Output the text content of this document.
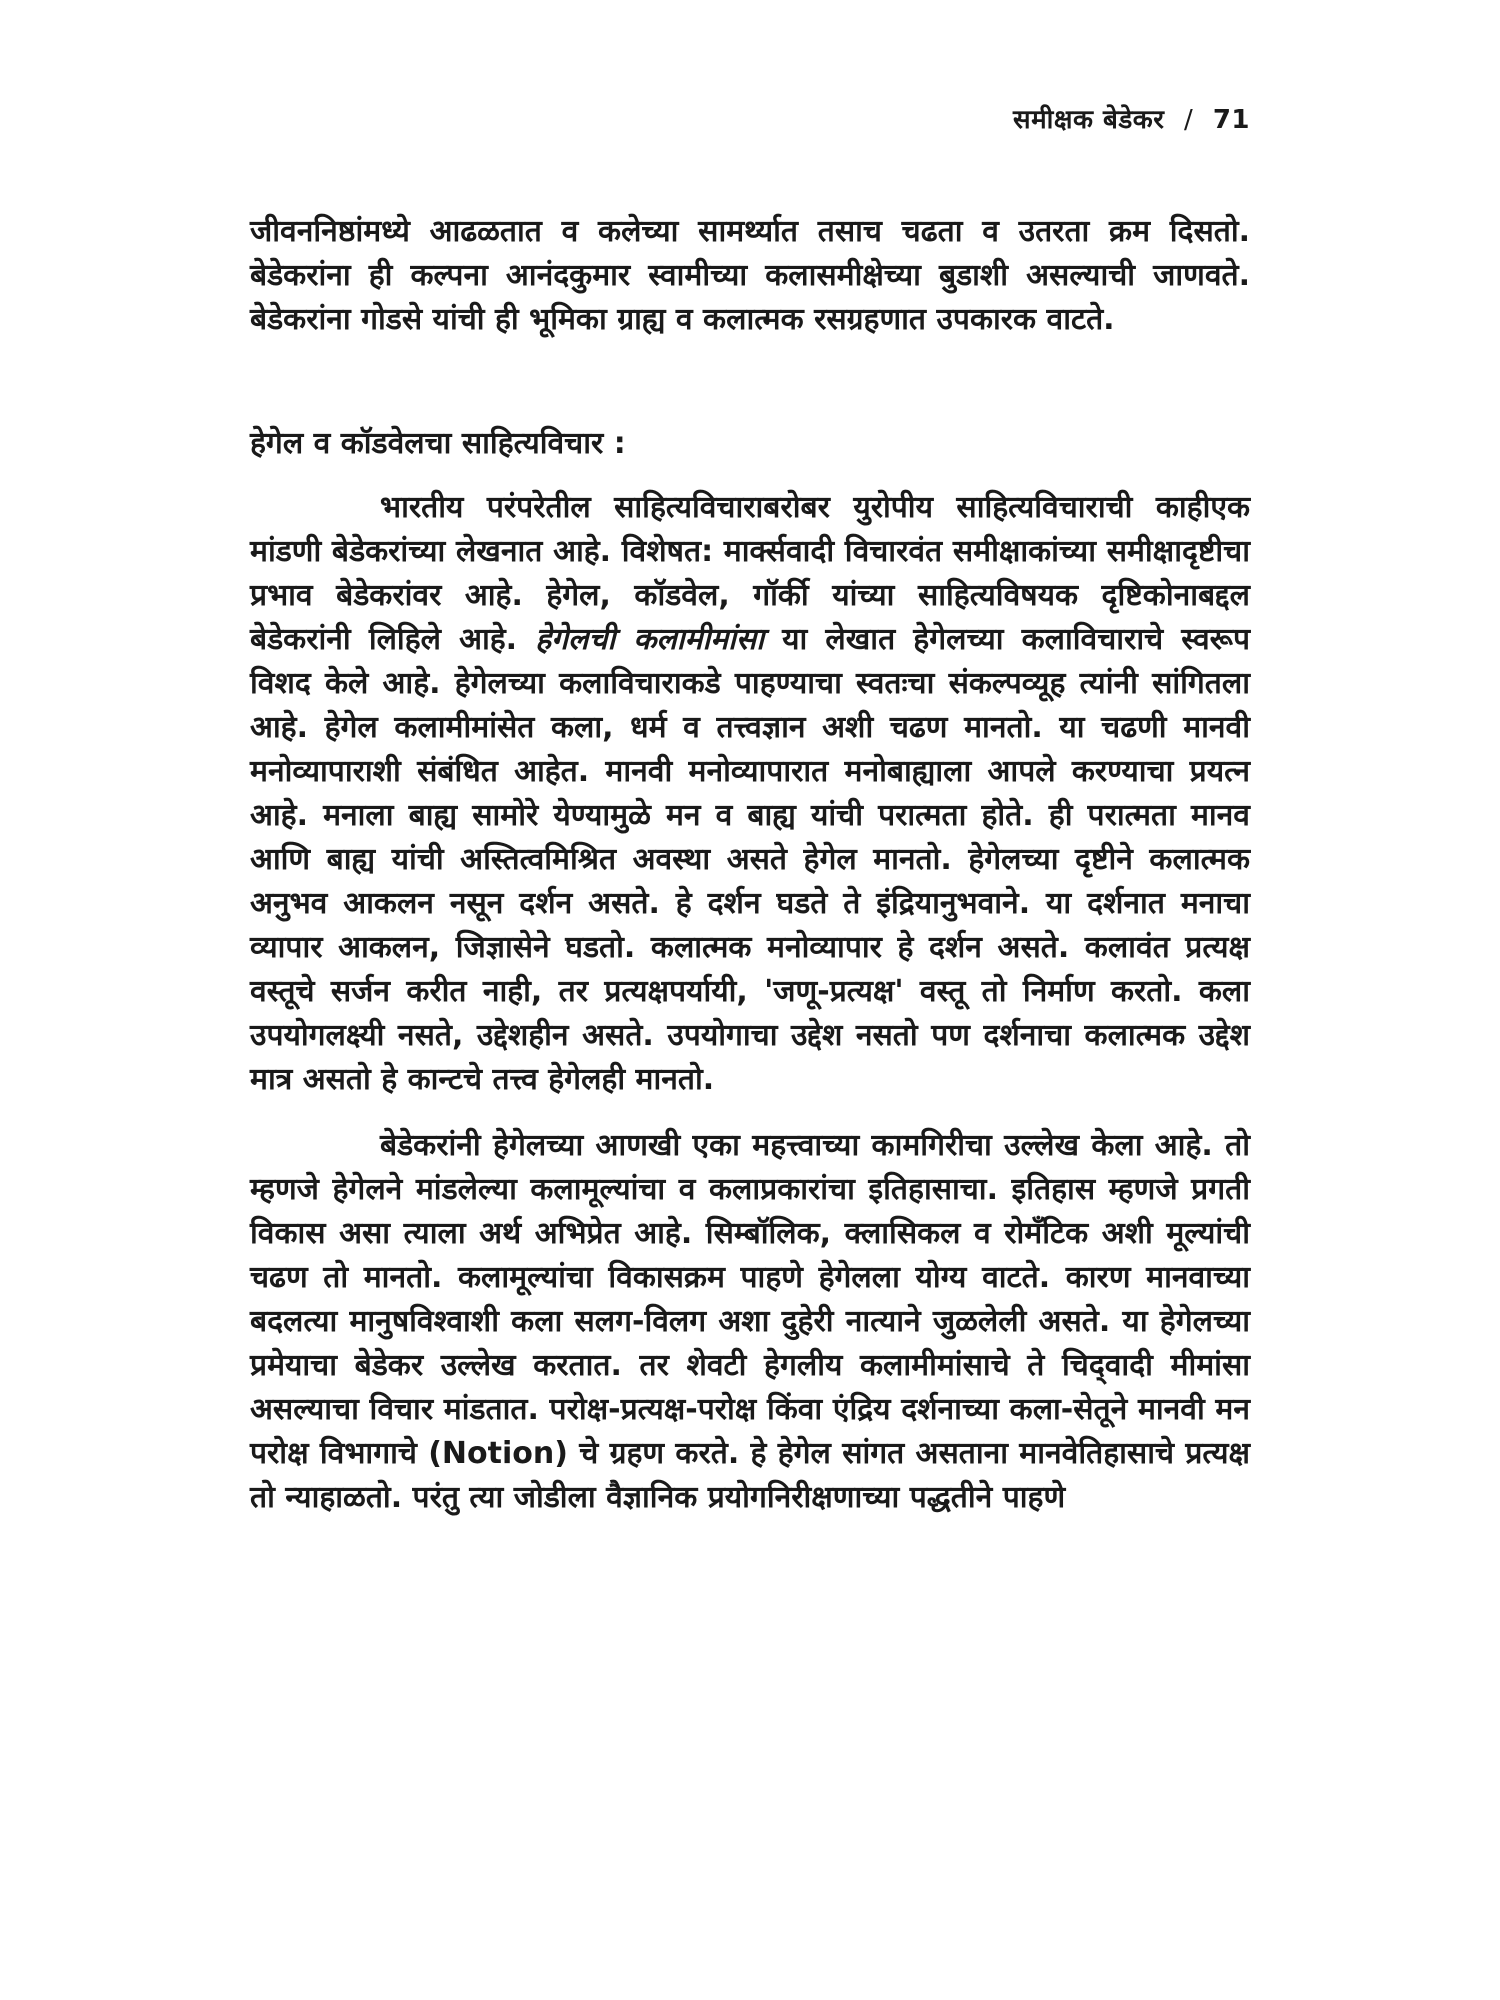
समीक्षक बेडेकर / 71

जीवननिष्ठांमध्ये आढळतात व कलेच्या सामर्थ्यात तसाच चढता व उतरता क्रम दिसतो. बेडेकरांना ही कल्पना आनंदकुमार स्वामीच्या कलासमीक्षेच्या बुडाशी असल्याची जाणवते. बेडेकरांना गोडसे यांची ही भूमिका ग्राह्य व कलात्मक रसग्रहणात उपकारक वाटते.

हेगेल व कॉडवेलचा साहित्यविचार :

भारतीय परंपरेतील साहित्यविचाराबरोबर युरोपीय साहित्यविचाराची काहीएक मांडणी बेडेकरांच्या लेखनात आहे. विशेषत: मार्क्सवादी विचारवंत समीक्षाकांच्या समीक्षादृष्टीचा प्रभाव बेडेकरांवर आहे. हेगेल, कॉडवेल, गॉर्की यांच्या साहित्यविषयक दृष्टिकोनाबद्दल बेडेकरांनी लिहिले आहे. हेगेलची कलामीमांसा या लेखात हेगेलच्या कलाविचाराचे स्वरूप विशद केले आहे. हेगेलच्या कलाविचाराकडे पाहण्याचा स्वतःचा संकल्पव्यूह त्यांनी सांगितला आहे. हेगेल कलामीमांसेत कला, धर्म व तत्त्वज्ञान अशी चढण मानतो. या चढणी मानवी मनोव्यापाराशी संबंधित आहेत. मानवी मनोव्यापारात मनोबाह्याला आपले करण्याचा प्रयत्न आहे. मनाला बाह्य सामोरे येण्यामुळे मन व बाह्य यांची परात्मता होते. ही परात्मता मानव आणि बाह्य यांची अस्तित्वमिश्रित अवस्था असते हेगेल मानतो. हेगेलच्या दृष्टीने कलात्मक अनुभव आकलन नसून दर्शन असते. हे दर्शन घडते ते इंद्रियानुभवाने. या दर्शनात मनाचा व्यापार आकलन, जिज्ञासेने घडतो. कलात्मक मनोव्यापार हे दर्शन असते. कलावंत प्रत्यक्ष वस्तूचे सर्जन करीत नाही, तर प्रत्यक्षपर्यायी, 'जणू-प्रत्यक्ष' वस्तू तो निर्माण करतो. कला उपयोगलक्ष्यी नसते, उद्देशहीन असते. उपयोगाचा उद्देश नसतो पण दर्शनाचा कलात्मक उद्देश मात्र असतो हे कान्टचे तत्त्व हेगेलही मानतो.

बेडेकरांनी हेगेलच्या आणखी एका महत्त्वाच्या कामगिरीचा उल्लेख केला आहे. तो म्हणजे हेगेलने मांडलेल्या कलामूल्यांचा व कलाप्रकारांचा इतिहासाचा. इतिहास म्हणजे प्रगती विकास असा त्याला अर्थ अभिप्रेत आहे. सिम्बॉलिक, क्लासिकल व रोमँटिक अशी मूल्यांची चढण तो मानतो. कलामूल्यांचा विकासक्रम पाहणे हेगेलला योग्य वाटते. कारण मानवाच्या बदलत्या मानुषविश्वाशी कला सलग-विलग अशा दुहेरी नात्याने जुळलेली असते. या हेगेलच्या प्रमेयाचा बेडेकर उल्लेख करतात. तर शेवटी हेगलीय कलामीमांसाचे ते चिद्‌वादी मीमांसा असल्याचा विचार मांडतात. परोक्ष-प्रत्यक्ष-परोक्ष किंवा एंद्रिय दर्शनाच्या कला-सेतूने मानवी मन परोक्ष विभागाचे (Notion) चे ग्रहण करते. हे हेगेल सांगत असताना मानवेतिहासाचे प्रत्यक्ष तो न्याहाळतो. परंतु त्या जोडीला वैज्ञानिक प्रयोगनिरीक्षणाच्या पद्धतीने पाहणे
